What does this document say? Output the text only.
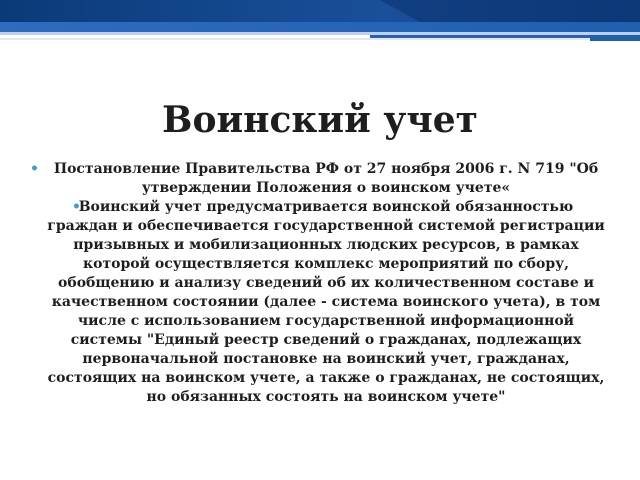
Воинский учет
• Постановление Правительства РФ от 27 ноября 2006 г. N 719 "Об утверждении Положения о воинском учете«
•
Воинский учет предусматривается воинской обязанностью граждан и обеспечивается государственной системой регистрации призывных и мобилизационных людских ресурсов, в рамках которой осуществляется комплекс мероприятий по сбору, обобщению и анализу сведений об их количественном составе и качественном состоянии (далее - система воинского учета), в том числе с использованием государственной информационной системы "Единый реестр сведений о гражданах, подлежащих первоначальной постановке на воинский учет, гражданах, состоящих на воинском учете, а также о гражданах, не состоящих, но обязанных состоять на воинском учете"
